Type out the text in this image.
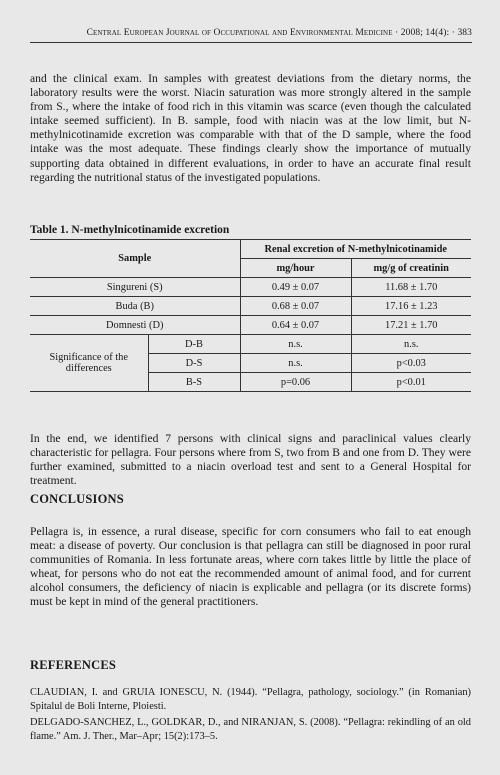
Central European Journal of Occupational and Environmental Medicine · 2008; 14(4): · 383

and the clinical exam. In samples with greatest deviations from the dietary norms, the laboratory results were the worst. Niacin saturation was more strongly altered in the sample from S., where the intake of food rich in this vitamin was scarce (even though the calculated intake seemed sufficient). In B. sample, food with niacin was at the low limit, but N-methylnicotinamide excretion was comparable with that of the D sample, where the food intake was the most adequate. These findings clearly show the importance of mutually supporting data obtained in different evaluations, in order to have an accurate final result regarding the nutritional status of the investigated populations.

Table 1. N-methylnicotinamide excretion

Sample		Renal excretion of N-methylnicotinamide	
		mg/hour	mg/g of creatinin
Singureni (S)		0.49 ± 0.07	11.68 ± 1.70
Buda (B)		0.68 ± 0.07	17.16 ± 1.23
Domnesti (D)		0.64 ± 0.07	17.21 ± 1.70
Significance of the differences	D-B	n.s.	n.s.
	D-S	n.s.	p<0.03
	B-S	p=0.06	p<0.01

In the end, we identified 7 persons with clinical signs and paraclinical values clearly characteristic for pellagra. Four persons where from S, two from B and one from D. They were further examined, submitted to a niacin overload test and sent to a General Hospital for treatment.

CONCLUSIONS

Pellagra is, in essence, a rural disease, specific for corn consumers who fail to eat enough meat: a disease of poverty. Our conclusion is that pellagra can still be diagnosed in poor rural communities of Romania. In less fortunate areas, where corn takes little by little the place of wheat, for persons who do not eat the recommended amount of animal food, and for current alcohol consumers, the deficiency of niacin is explicable and pellagra (or its discrete forms) must be kept in mind of the general practitioners.

REFERENCES

CLAUDIAN, I. and GRUIA IONESCU, N. (1944). “Pellagra, pathology, sociology.” (in Romanian) Spitalul de Boli Interne, Ploiesti.

DELGADO-SANCHEZ, L., GOLDKAR, D., and NIRANJAN, S. (2008). “Pellagra: rekindling of an old flame.” Am. J. Ther., Mar–Apr; 15(2):173–5.
